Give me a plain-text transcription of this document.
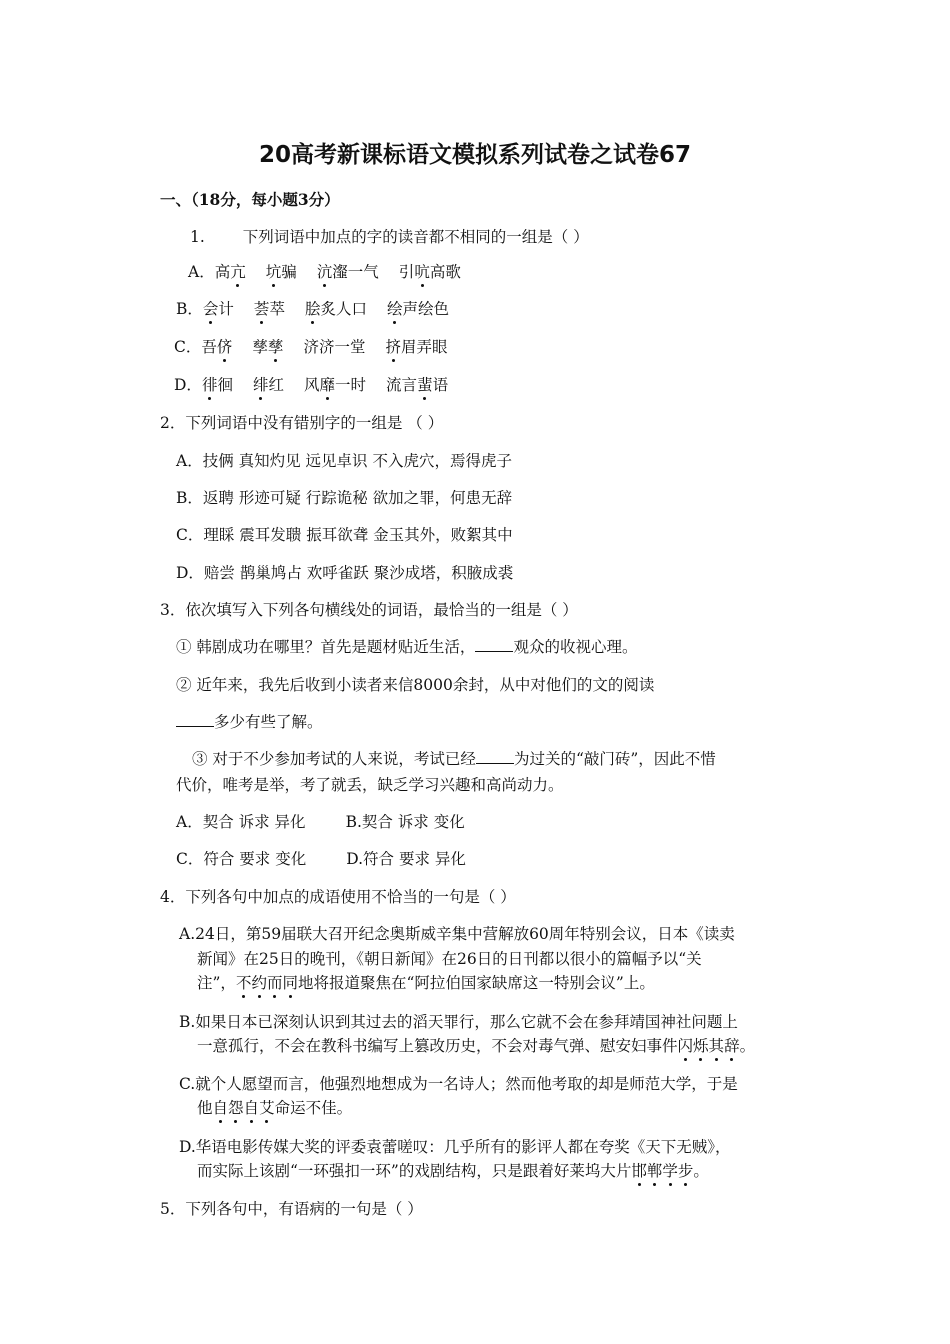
20高考新课标语文模拟系列试卷之试卷67
一、（18分，每小题3分）
1. 下列词语中加点的字的读音都不相同的一组是（ ）
A．高亢 坑骗 沆瀣一气 引吭高歌
B．会计 荟萃 脍炙人口 绘声绘色
C．吾侪 孳孳 济济一堂 挤眉弄眼
D．徘徊 绯红 风靡一时 流言蜚语
2．下列词语中没有错别字的一组是 （ ）
A．技俩 真知灼见 远见卓识 不入虎穴，焉得虎子
B．返聘 形迹可疑 行踪诡秘 欲加之罪，何患无辞
C．理睬 震耳发聩 振耳欲聋 金玉其外，败絮其中
D．赔尝 鹊巢鸠占 欢呼雀跃 聚沙成塔，积腋成裘
3．依次填写入下列各句横线处的词语，最恰当的一组是（ ）
① 韩剧成功在哪里？首先是题材贴近生活， 观众的收视心理。
② 近年来，我先后收到小读者来信8000余封，从中对他们的文的阅读
多少有些了解。
③ 对于不少参加考试的人来说，考试已经 为过关的“敲门砖”，因此不惜
代价，唯考是举，考了就丢，缺乏学习兴趣和高尚动力。
A．契合 诉求 异化	B.契合 诉求 变化
C．符合 要求 变化	D.符合 要求 异化
4．下列各句中加点的成语使用不恰当的一句是（ ）
A.24日，第59届联大召开纪念奥斯威辛集中营解放60周年特别会议，日本《读卖
新闻》在25日的晚刊，《朝日新闻》在26日的日刊都以很小的篇幅予以“关
注”，不约而同地将报道聚焦在“阿拉伯国家缺席这一特别会议”上。
B.如果日本已深刻认识到其过去的滔天罪行，那么它就不会在参拜靖国神社问题上
一意孤行，不会在教科书编写上篡改历史，不会对毒气弹、慰安妇事件闪烁其辞。
C.就个人愿望而言，他强烈地想成为一名诗人；然而他考取的却是师范大学，于是
他自怨自艾命运不佳。
D.华语电影传媒大奖的评委袁蕾嗟叹：几乎所有的影评人都在夸奖《天下无贼》，
而实际上该剧“一环强扣一环”的戏剧结构，只是跟着好莱坞大片邯郸学步。
5．下列各句中，有语病的一句是（ ）
